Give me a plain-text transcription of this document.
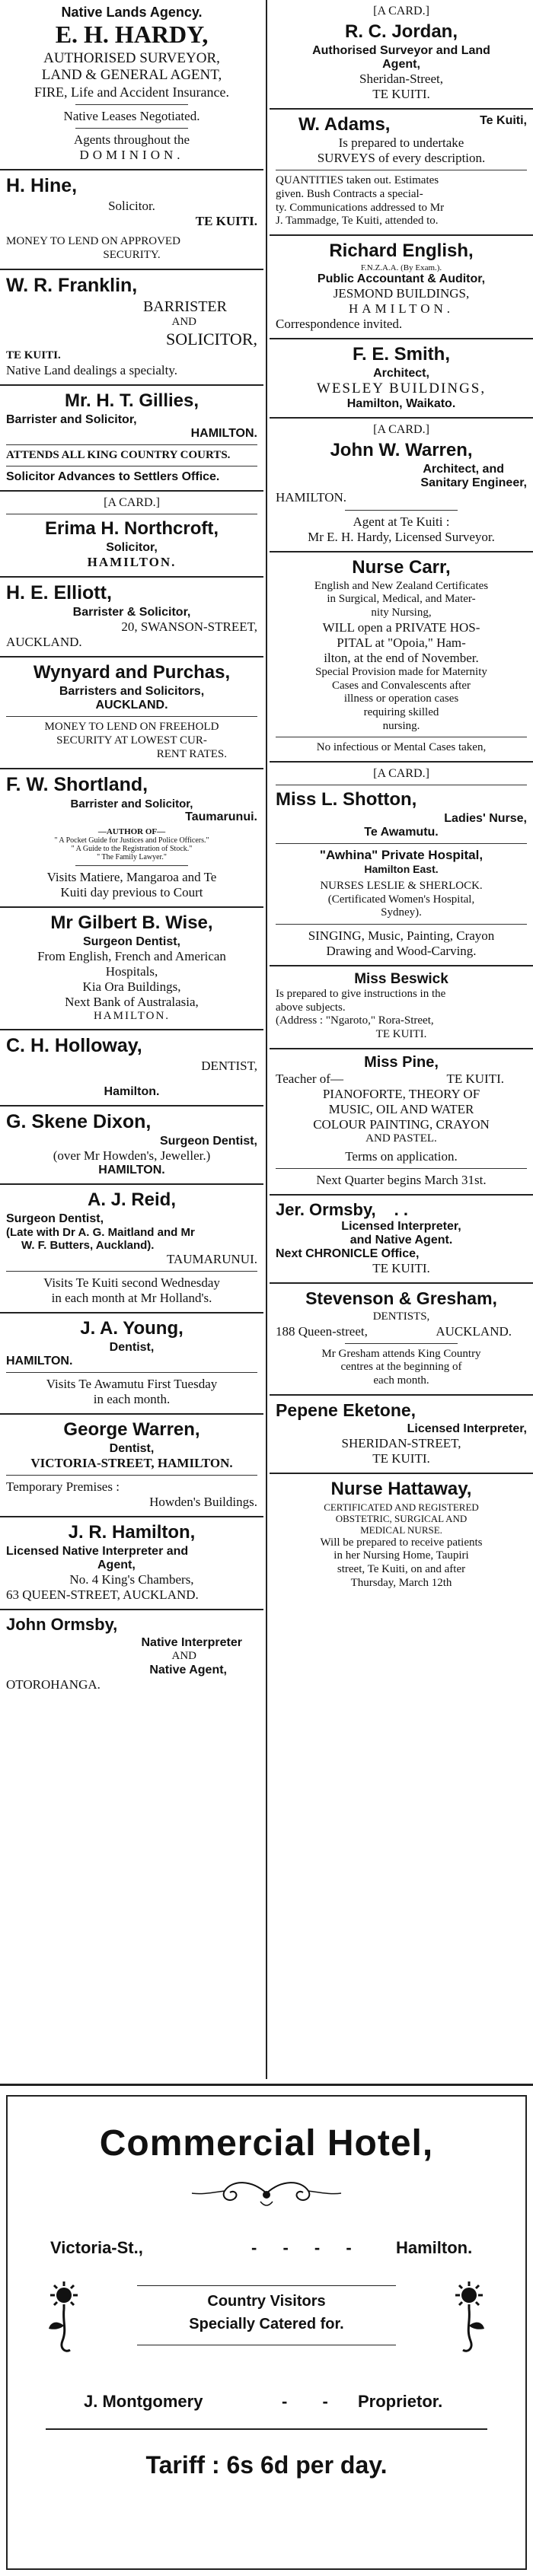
Native Lands Agency.
E. H. HARDY,
AUTHORISED SURVEYOR,
LAND & GENERAL AGENT,
FIRE, Life and Accident Insurance.
Native Leases Negotiated.
Agents throughout the
DOMINION.
H. Hine,
Solicitor.
TE KUITI.
MONEY TO LEND ON APPROVED
SECURITY.
W. R. Franklin,
BARRISTER
AND
SOLICITOR,
TE KUITI.
Native Land dealings a specialty.
Mr. H. T. Gillies,
Barrister and Solicitor,
HAMILTON.
ATTENDS ALL KING COUNTRY COURTS.
Solicitor Advances to Settlers Office.
[A CARD.]
Erima H. Northcroft,
Solicitor,
HAMILTON.
H. E. Elliott,
Barrister & Solicitor,
20, SWANSON-STREET,
AUCKLAND.
Wynyard and Purchas,
Barristers and Solicitors,
AUCKLAND.
MONEY TO LEND ON FREEHOLD
SECURITY AT LOWEST CUR-
RENT RATES.
F. W. Shortland,
Barrister and Solicitor,
Taumarunui.
—AUTHOR OF—
" A Pocket Guide for Justices and Police Officers."
" A Guide to the Registration of Stock."
" The Family Lawyer."
Visits Matiere, Mangaroa and Te
Kuiti day previous to Court
Mr Gilbert B. Wise,
Surgeon Dentist,
From English, French and American
Hospitals,
Kia Ora Buildings,
Next Bank of Australasia,
HAMILTON.
C. H. Holloway,
DENTIST,
Hamilton.
G. Skene Dixon,
Surgeon Dentist,
(over Mr Howden's, Jeweller.)
HAMILTON.
A. J. Reid,
Surgeon Dentist,
(Late with Dr A. G. Maitland and Mr
W. F. Butters, Auckland).
TAUMARUNUI.
Visits Te Kuiti second Wednesday
in each month at Mr Holland's.
J. A. Young,
Dentist,
HAMILTON.
Visits Te Awamutu First Tuesday
in each month.
George Warren,
Dentist,
VICTORIA-STREET, HAMILTON.
Temporary Premises :
Howden's Buildings.
J. R. Hamilton,
Licensed Native Interpreter and
Agent,
No. 4 King's Chambers,
63 QUEEN-STREET, AUCKLAND.
John Ormsby,
Native Interpreter
AND
Native Agent,
OTOROHANGA.
[A CARD.]
R. C. Jordan,
Authorised Surveyor and Land
Agent,
Sheridan-Street,
TE KUITI.
W. Adams,	Te Kuiti,
Is prepared to undertake
SURVEYS of every description.
QUANTITIES taken out. Estimates
given. Bush Contracts a special-
ty. Communications addressed to Mr
J. Tammadge, Te Kuiti, attended to.
Richard English,
F.N.Z.A.A. (By Exam.).
Public Accountant & Auditor,
JESMOND BUILDINGS,
HAMILTON.
Correspondence invited.
F. E. Smith,
Architect,
WESLEY BUILDINGS,
Hamilton, Waikato.
[A CARD.]
John W. Warren,
Architect, and
Sanitary Engineer,
HAMILTON.
Agent at Te Kuiti :
Mr E. H. Hardy, Licensed Surveyor.
Nurse Carr,
English and New Zealand Certificates
in Surgical, Medical, and Mater-
nity Nursing,
WILL open a PRIVATE HOS-
PITAL at "Opoia," Ham-
ilton, at the end of November.
Special Provision made for Maternity
Cases and Convalescents after
illness or operation cases
requiring skilled
nursing.
No infectious or Mental Cases taken,
[A CARD.]
Miss L. Shotton,
Ladies' Nurse,
Te Awamutu.
"Awhina" Private Hospital,
Hamilton East.
NURSES LESLIE & SHERLOCK.
(Certificated Women's Hospital,
Sydney).
SINGING, Music, Painting, Crayon
Drawing and Wood-Carving.
Miss Beswick
Is prepared to give instructions in the
above subjects.
(Address : "Ngaroto," Rora-Street,
TE KUITI.
Miss Pine,
Teacher of—	TE KUITI.
PIANOFORTE, THEORY OF
MUSIC, OIL AND WATER
COLOUR PAINTING, CRAYON
AND PASTEL.
Terms on application.
Next Quarter begins March 31st.
Jer. Ormsby, . .
Licensed Interpreter,
and Native Agent.
Next CHRONICLE Office,
TE KUITI.
Stevenson & Gresham,
DENTISTS,
188 Queen-street,	AUCKLAND.
Mr Gresham attends King Country
centres at the beginning of
each month.
Pepene Eketone,
Licensed Interpreter,
SHERIDAN-STREET,
TE KUITI.
Nurse Hattaway,
CERTIFICATED AND REGISTERED
OBSTETRIC, SURGICAL AND
MEDICAL NURSE.
Will be prepared to receive patients
in her Nursing Home, Taupiri
street, Te Kuiti, on and after
Thursday, March 12th
Commercial Hotel,
Victoria-St.,	- - - - Hamilton.
Country Visitors
Specially Catered for.
J. Montgomery	- - Proprietor.
Tariff : 6s 6d per day.
